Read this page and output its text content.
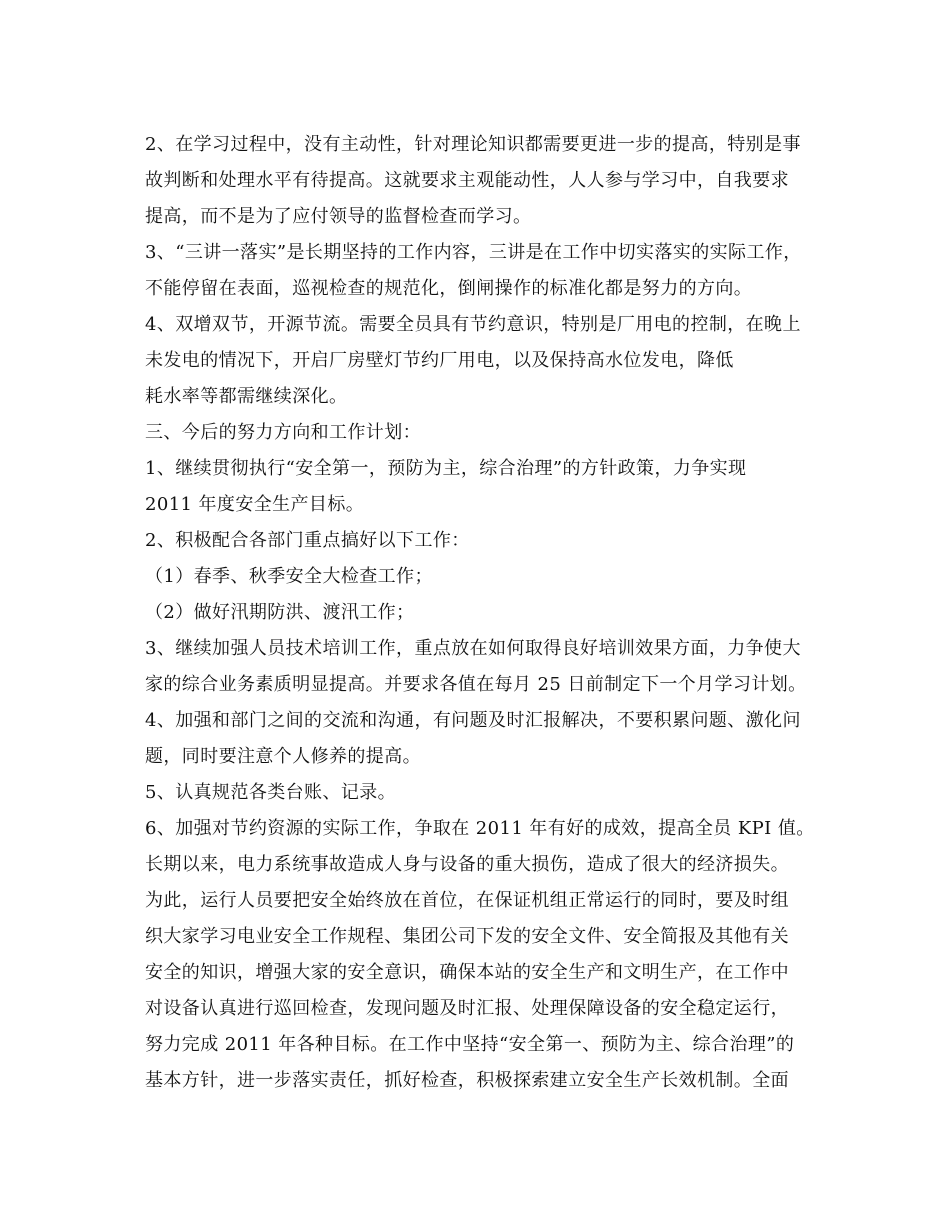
2、在学习过程中，没有主动性，针对理论知识都需要更进一步的提高，特别是事
故判断和处理水平有待提高。这就要求主观能动性，人人参与学习中，自我要求
提高，而不是为了应付领导的监督检查而学习。
3、“三讲一落实”是长期坚持的工作内容，三讲是在工作中切实落实的实际工作，
不能停留在表面，巡视检查的规范化，倒闸操作的标准化都是努力的方向。
4、双增双节，开源节流。需要全员具有节约意识，特别是厂用电的控制，在晚上
未发电的情况下，开启厂房壁灯节约厂用电，以及保持高水位发电，降低
耗水率等都需继续深化。
三、今后的努力方向和工作计划：
1、继续贯彻执行“安全第一，预防为主，综合治理”的方针政策，力争实现
2011 年度安全生产目标。
2、积极配合各部门重点搞好以下工作：
（1）春季、秋季安全大检查工作；
（2）做好汛期防洪、渡汛工作；
3、继续加强人员技术培训工作，重点放在如何取得良好培训效果方面，力争使大
家的综合业务素质明显提高。并要求各值在每月 25 日前制定下一个月学习计划。
4、加强和部门之间的交流和沟通，有问题及时汇报解决，不要积累问题、激化问
题，同时要注意个人修养的提高。
5、认真规范各类台账、记录。
6、加强对节约资源的实际工作，争取在 2011 年有好的成效，提高全员 KPI 值。
长期以来，电力系统事故造成人身与设备的重大损伤，造成了很大的经济损失。
为此，运行人员要把安全始终放在首位，在保证机组正常运行的同时，要及时组
织大家学习电业安全工作规程、集团公司下发的安全文件、安全简报及其他有关
安全的知识，增强大家的安全意识，确保本站的安全生产和文明生产，在工作中
对设备认真进行巡回检查，发现问题及时汇报、处理保障设备的安全稳定运行，
努力完成 2011 年各种目标。在工作中坚持“安全第一、预防为主、综合治理”的
基本方针，进一步落实责任，抓好检查，积极探索建立安全生产长效机制。全面
